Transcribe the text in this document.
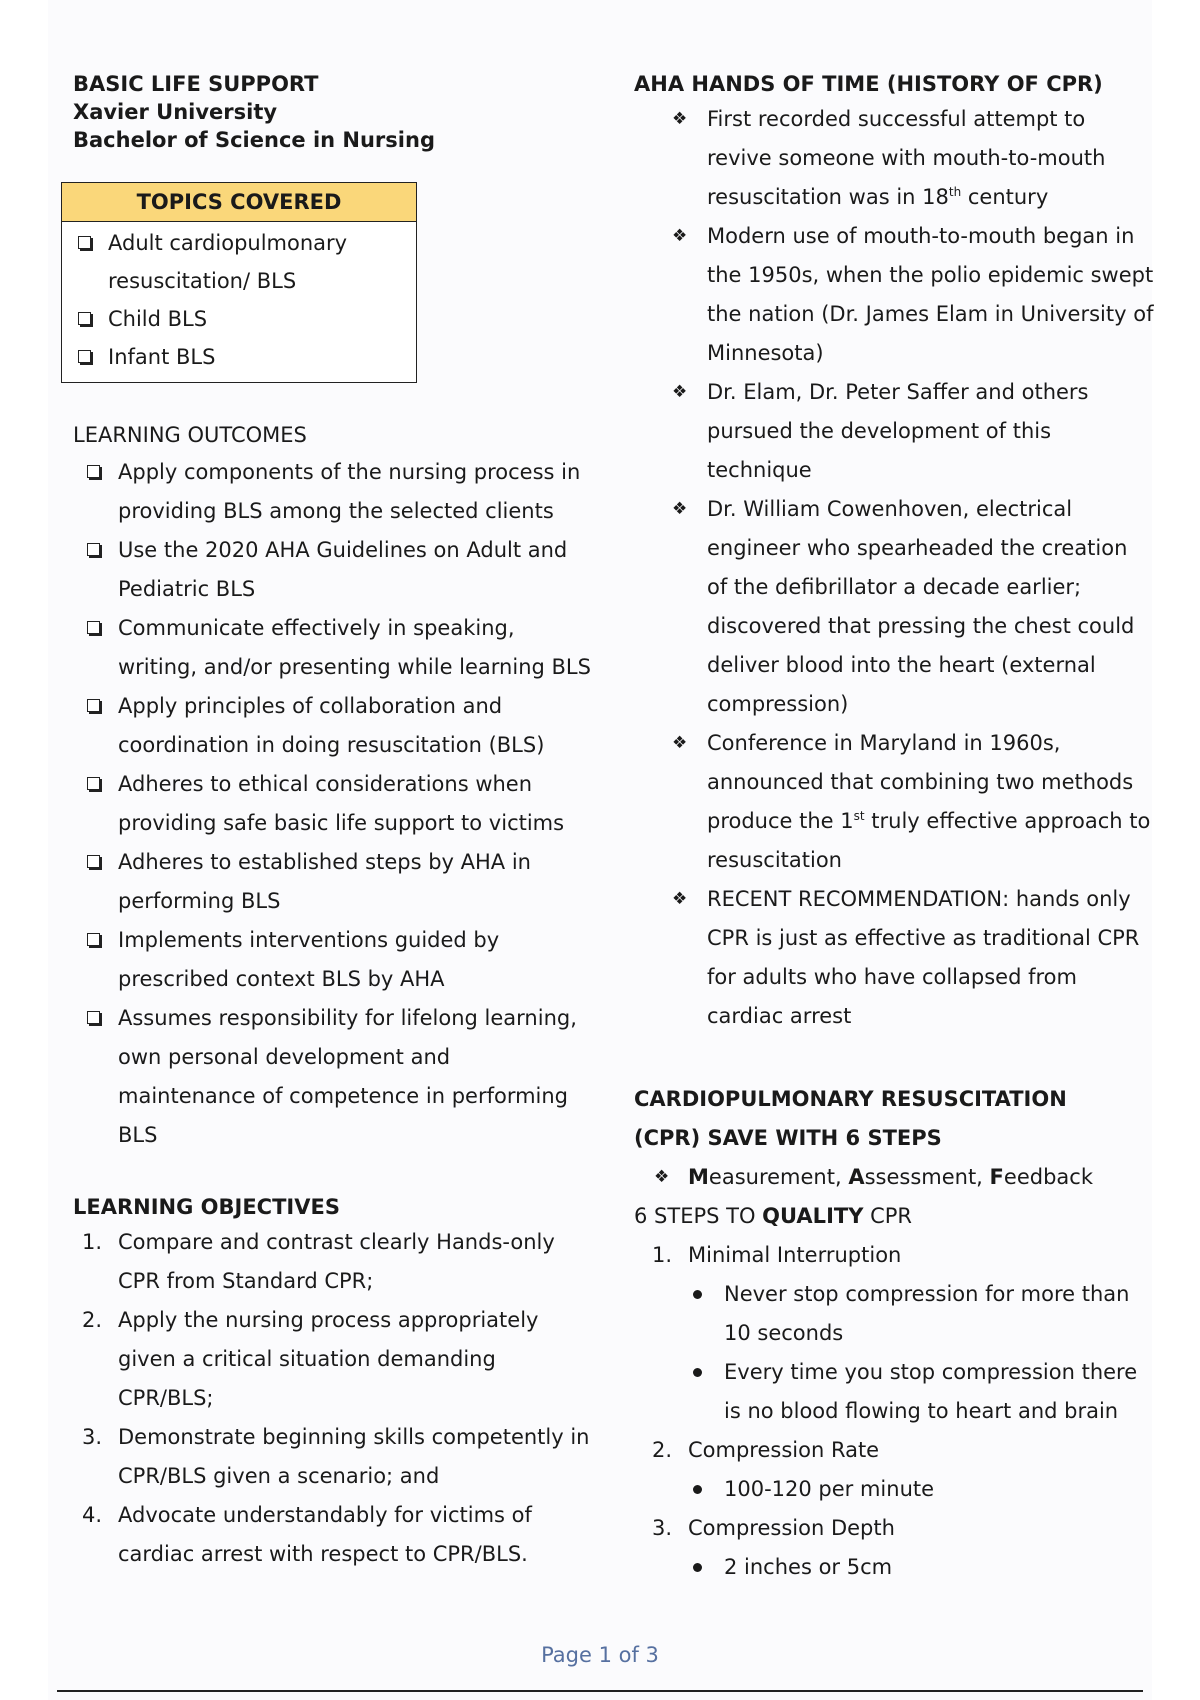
BASIC LIFE SUPPORT

Xavier University

Bachelor of Science in Nursing

TOPICS COVERED
Adult cardiopulmonary
resuscitation/ BLS
Child BLS
Infant BLS

LEARNING OUTCOMES

Apply components of the nursing process in providing BLS among the selected clients
Use the 2020 AHA Guidelines on Adult and Pediatric BLS
Communicate effectively in speaking, writing, and/or presenting while learning BLS
Apply principles of collaboration and coordination in doing resuscitation (BLS)
Adheres to ethical considerations when providing safe basic life support to victims
Adheres to established steps by AHA in performing BLS
Implements interventions guided by prescribed context BLS by AHA
Assumes responsibility for lifelong learning, own personal development and maintenance of competence in performing BLS

LEARNING OBJECTIVES

1. Compare and contrast clearly Hands-only CPR from Standard CPR;
2. Apply the nursing process appropriately given a critical situation demanding CPR/BLS;
3. Demonstrate beginning skills competently in CPR/BLS given a scenario; and
4. Advocate understandably for victims of cardiac arrest with respect to CPR/BLS.

AHA HANDS OF TIME (HISTORY OF CPR)

❖ First recorded successful attempt to revive someone with mouth-to-mouth resuscitation was in 18th century
❖ Modern use of mouth-to-mouth began in the 1950s, when the polio epidemic swept the nation (Dr. James Elam in University of Minnesota)
❖ Dr. Elam, Dr. Peter Saffer and others pursued the development of this technique
❖ Dr. William Cowenhoven, electrical engineer who spearheaded the creation of the defibrillator a decade earlier; discovered that pressing the chest could deliver blood into the heart (external compression)
❖ Conference in Maryland in 1960s, announced that combining two methods produce the 1st truly effective approach to resuscitation
❖ RECENT RECOMMENDATION: hands only CPR is just as effective as traditional CPR for adults who have collapsed from cardiac arrest

CARDIOPULMONARY RESUSCITATION

(CPR) SAVE WITH 6 STEPS

❖ Measurement, Assessment, Feedback

6 STEPS TO QUALITY CPR

1. Minimal Interruption
Never stop compression for more than 10 seconds
Every time you stop compression there is no blood flowing to heart and brain
2. Compression Rate
100-120 per minute
3. Compression Depth
2 inches or 5cm
Page 1 of 3
